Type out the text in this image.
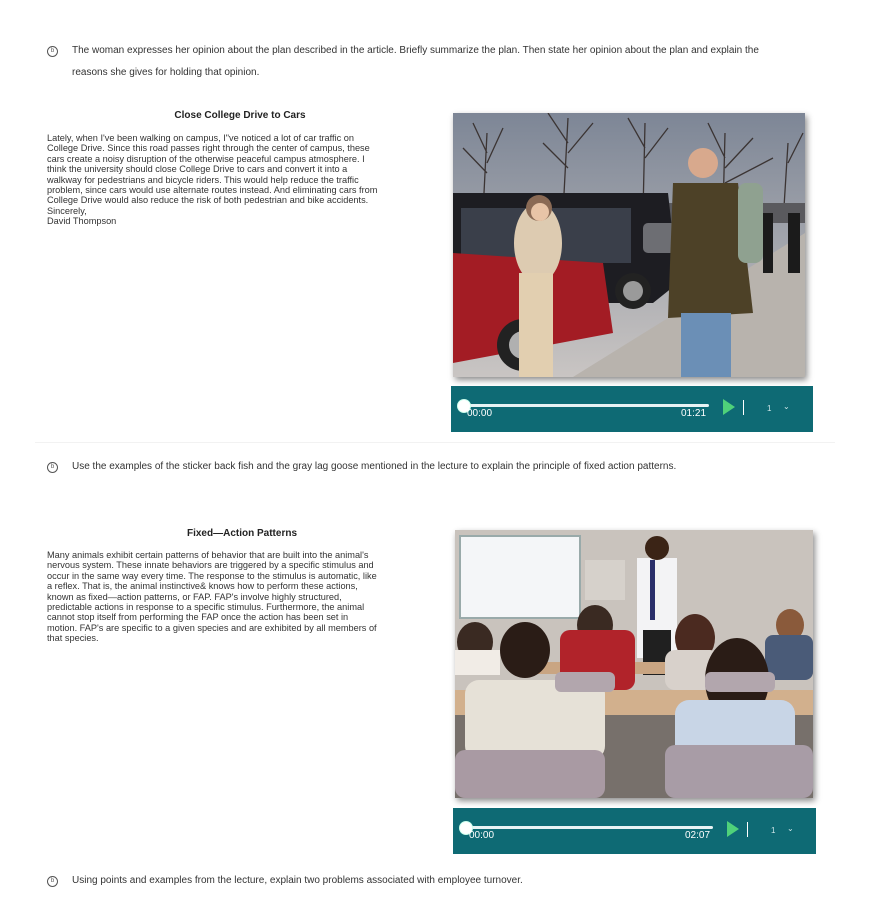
b	The woman expresses her opinion about the plan described in the article. Briefly summarize the plan. Then state her opinion about the plan and explain the
reasons she gives for holding that opinion.
Close College Drive to Cars
Lately, when I've been walking on campus, I"ve noticed a lot of car traffic on
College Drive. Since this road passes right through the center of campus, these
cars create a noisy disruption of the otherwise peaceful campus atmosphere. I
think the university should close College Drive to cars and convert it into a
walkway for pedestrians and bicycle riders. This would help reduce the traffic
problem, since cars would use alternate routes instead. And eliminating cars from
College Drive would also reduce the risk of both pedestrian and bike accidents.
Sincerely,
David Thompson
00:00	01:21	1 ⌄
b	Use the examples of the sticker back fish and the gray lag goose mentioned in the lecture to explain the principle of fixed action patterns.
Fixed—Action Patterns
Many animals exhibit certain patterns of behavior that are built into the animal's
nervous system. These innate behaviors are triggered by a specific stimulus and
occur in the same way every time. The response to the stimulus is automatic, like
a reflex. That is, the animal instinctive& knows how to perform these actions,
known as fixed—action patterns, or FAP. FAP's involve highly structured,
predictable actions in response to a specific stimulus. Furthermore, the animal
cannot stop itself from performing the FAP once the action has been set in
motion. FAP's are specific to a given species and are exhibited by all members of
that species.
00:00	02:07	1 ⌄
b	Using points and examples from the lecture, explain two problems associated with employee turnover.
